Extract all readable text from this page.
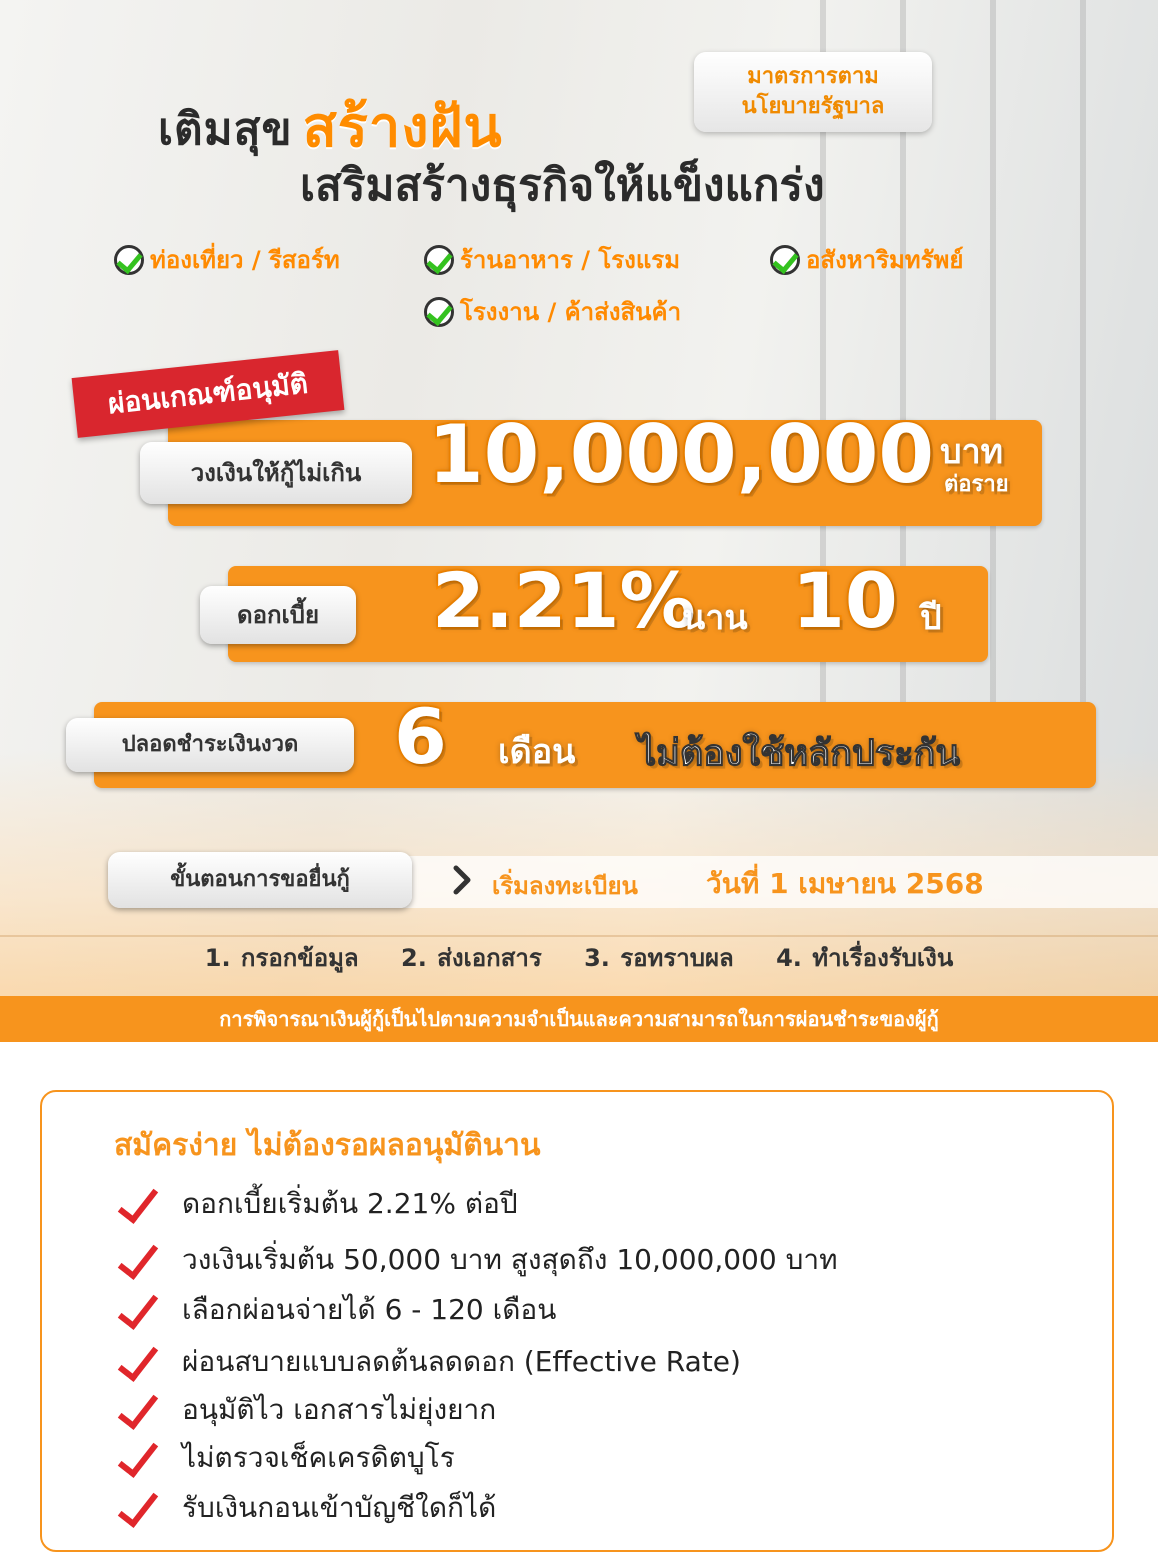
เติมสุข สร้างฝัน
มาตรการตาม
นโยบายรัฐบาล
เสริมสร้างธุรกิจให้แข็งแกร่ง
ท่องเที่ยว / รีสอร์ท	ร้านอาหาร / โรงแรม	อสังหาริมทรัพย์
โรงงาน / ค้าส่งสินค้า
ผ่อนเกณฑ์อนุมัติ
วงเงินให้กู้ไม่เกิน 10,000,000 บาท
ต่อราย
ดอกเบี้ย	2.21%
นาน 10 ปี
ปลอดชำระเงินงวด	6 เดือน ไม่ต้องใช้หลักประกัน
ขั้นตอนการขอยื่นกู้	เริ่มลงทะเบียน วันที่ 1 เมษายน 2568
1. กรอกข้อมูล 2. ส่งเอกสาร 3. รอทราบผล 4. ทำเรื่องรับเงิน
การพิจารณาเงินผู้กู้เป็นไปตามความจำเป็นและความสามารถในการผ่อนชำระของผู้กู้
สมัครง่าย ไม่ต้องรอผลอนุมัตินาน
ดอกเบี้ยเริ่มต้น 2.21% ต่อปี
วงเงินเริ่มต้น 50,000 บาท สูงสุดถึง 10,000,000 บาท
เลือกผ่อนจ่ายได้ 6 - 120 เดือน
ผ่อนสบายแบบลดต้นลดดอก (Effective Rate)
อนุมัติไว เอกสารไม่ยุ่งยาก
ไม่ตรวจเช็คเครดิตบูโร
รับเงินกอนเข้าบัญชีใดก็ได้
